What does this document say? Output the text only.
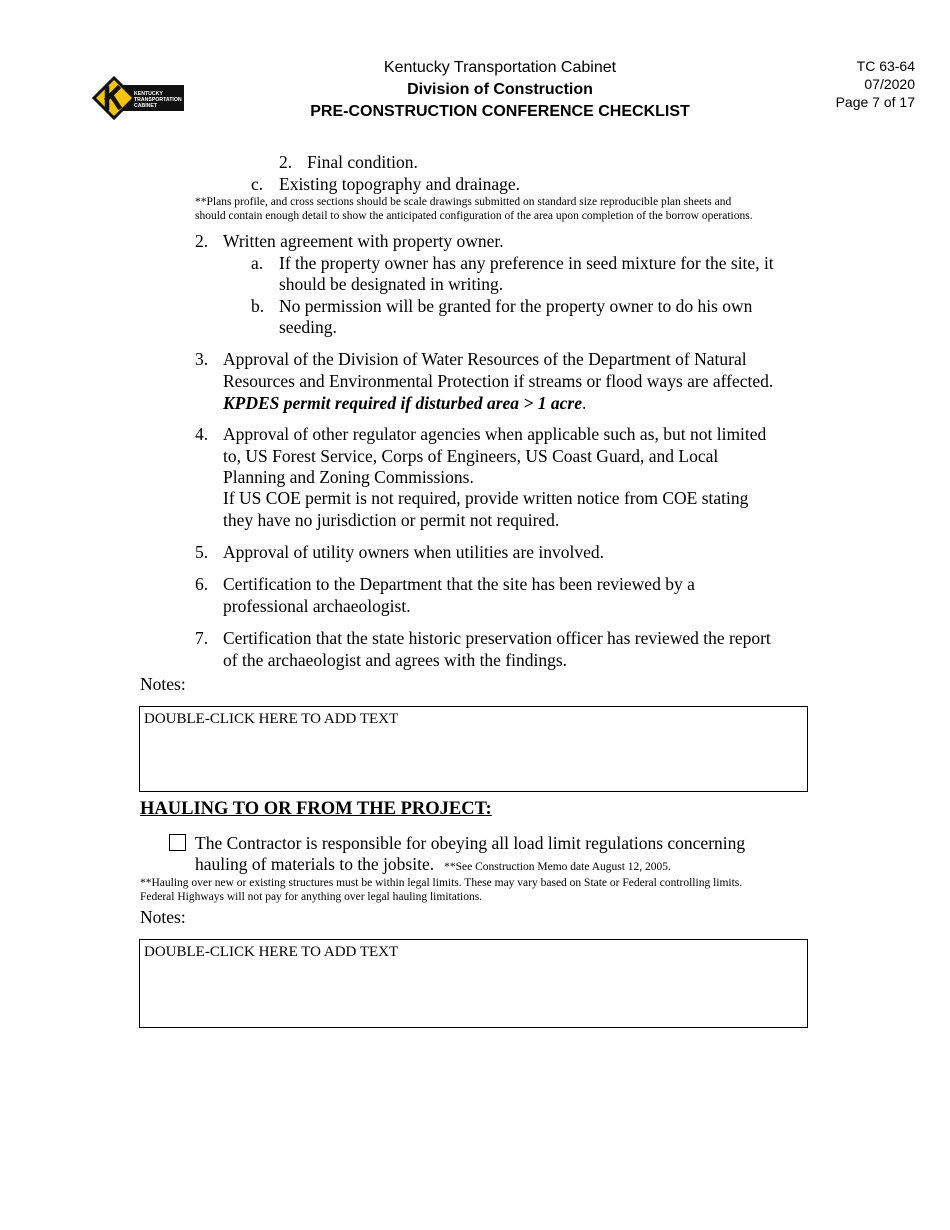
KENTUCKY
TRANSPORTATION
CABINET
Kentucky Transportation Cabinet
Division of Construction
PRE-CONSTRUCTION CONFERENCE CHECKLIST
TC 63-64
07/2020
Page 7 of 17
2. Final condition.
c. Existing topography and drainage.
**Plans profile, and cross sections should be scale drawings submitted on standard size reproducible plan sheets and
should contain enough detail to show the anticipated configuration of the area upon completion of the borrow operations.
2. Written agreement with property owner.
a. If the property owner has any preference in seed mixture for the site, it
should be designated in writing.
b. No permission will be granted for the property owner to do his own
seeding.
3. Approval of the Division of Water Resources of the Department of Natural
Resources and Environmental Protection if streams or flood ways are affected.
KPDES permit required if disturbed area > 1 acre.
4. Approval of other regulator agencies when applicable such as, but not limited
to, US Forest Service, Corps of Engineers, US Coast Guard, and Local
Planning and Zoning Commissions.
If US COE permit is not required, provide written notice from COE stating
they have no jurisdiction or permit not required.
5. Approval of utility owners when utilities are involved.
6. Certification to the Department that the site has been reviewed by a
professional archaeologist.
7. Certification that the state historic preservation officer has reviewed the report
of the archaeologist and agrees with the findings.
Notes:
DOUBLE-CLICK HERE TO ADD TEXT
HAULING TO OR FROM THE PROJECT:
The Contractor is responsible for obeying all load limit regulations concerning
hauling of materials to the jobsite. **See Construction Memo date August 12, 2005.
**Hauling over new or existing structures must be within legal limits. These may vary based on State or Federal controlling limits.
Federal Highways will not pay for anything over legal hauling limitations.
Notes:
DOUBLE-CLICK HERE TO ADD TEXT
